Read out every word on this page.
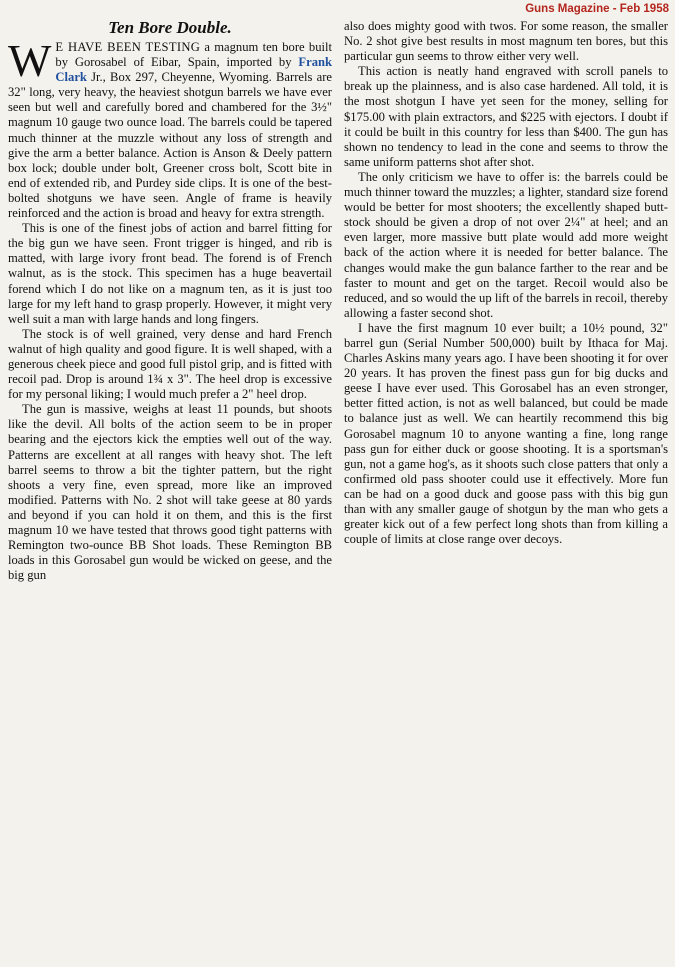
Guns Magazine - Feb 1958
Ten Bore Double.

W E HAVE BEEN TESTING a magnum ten bore built by Gorosabel of Eibar, Spain, imported by Frank Clark Jr., Box 297, Cheyenne, Wyoming. Barrels are 32" long, very heavy, the heaviest shotgun barrels we have ever seen but well and carefully bored and chambered for the 3½" magnum 10 gauge two ounce load. The barrels could be tapered much thinner at the muzzle without any loss of strength and give the arm a better balance. Action is Anson & Deely pattern box lock; double under bolt, Greener cross bolt, Scott bite in end of extended rib, and Purdey side clips. It is one of the best-bolted shotguns we have seen. Angle of frame is heavily reinforced and the action is broad and heavy for extra strength.

This is one of the finest jobs of action and barrel fitting for the big gun we have seen. Front trigger is hinged, and rib is matted, with large ivory front bead. The forend is of French walnut, as is the stock. This specimen has a huge beavertail forend which I do not like on a magnum ten, as it is just too large for my left hand to grasp properly. However, it might very well suit a man with large hands and long fingers.

The stock is of well grained, very dense and hard French walnut of high quality and good figure. It is well shaped, with a generous cheek piece and good full pistol grip, and is fitted with recoil pad. Drop is around 1¾ x 3". The heel drop is excessive for my personal liking; I would much prefer a 2" heel drop.

The gun is massive, weighs at least 11 pounds, but shoots like the devil. All bolts of the action seem to be in proper bearing and the ejectors kick the empties well out of the way. Patterns are excellent at all ranges with heavy shot. The left barrel seems to throw a bit the tighter pattern, but the right shoots a very fine, even spread, more like an improved modified. Patterns with No. 2 shot will take geese at 80 yards and beyond if you can hold it on them, and this is the first magnum 10 we have tested that throws good tight patterns with Remington two-ounce BB Shot loads. These Remington BB loads in this Gorosabel gun would be wicked on geese, and the big gun

also does mighty good with twos. For some reason, the smaller No. 2 shot give best results in most magnum ten bores, but this particular gun seems to throw either very well.

This action is neatly hand engraved with scroll panels to break up the plainness, and is also case hardened. All told, it is the most shotgun I have yet seen for the money, selling for $175.00 with plain extractors, and $225 with ejectors. I doubt if it could be built in this country for less than $400. The gun has shown no tendency to lead in the cone and seems to throw the same uniform patterns shot after shot.

The only criticism we have to offer is: the barrels could be much thinner toward the muzzles; a lighter, standard size forend would be better for most shooters; the excellently shaped butt-stock should be given a drop of not over 2¼" at heel; and an even larger, more massive butt plate would add more weight back of the action where it is needed for better balance. The changes would make the gun balance farther to the rear and be faster to mount and get on the target. Recoil would also be reduced, and so would the up lift of the barrels in recoil, thereby allowing a faster second shot.

I have the first magnum 10 ever built; a 10½ pound, 32" barrel gun (Serial Number 500,000) built by Ithaca for Maj. Charles Askins many years ago. I have been shooting it for over 20 years. It has proven the finest pass gun for big ducks and geese I have ever used. This Gorosabel has an even stronger, better fitted action, is not as well balanced, but could be made to balance just as well. We can heartily recommend this big Gorosabel magnum 10 to anyone wanting a fine, long range pass gun for either duck or goose shooting. It is a sportsman's gun, not a game hog's, as it shoots such close patters that only a confirmed old pass shooter could use it effectively. More fun can be had on a good duck and goose pass with this big gun than with any smaller gauge of shotgun by the man who gets a greater kick out of a few perfect long shots than from killing a couple of limits at close range over decoys.
